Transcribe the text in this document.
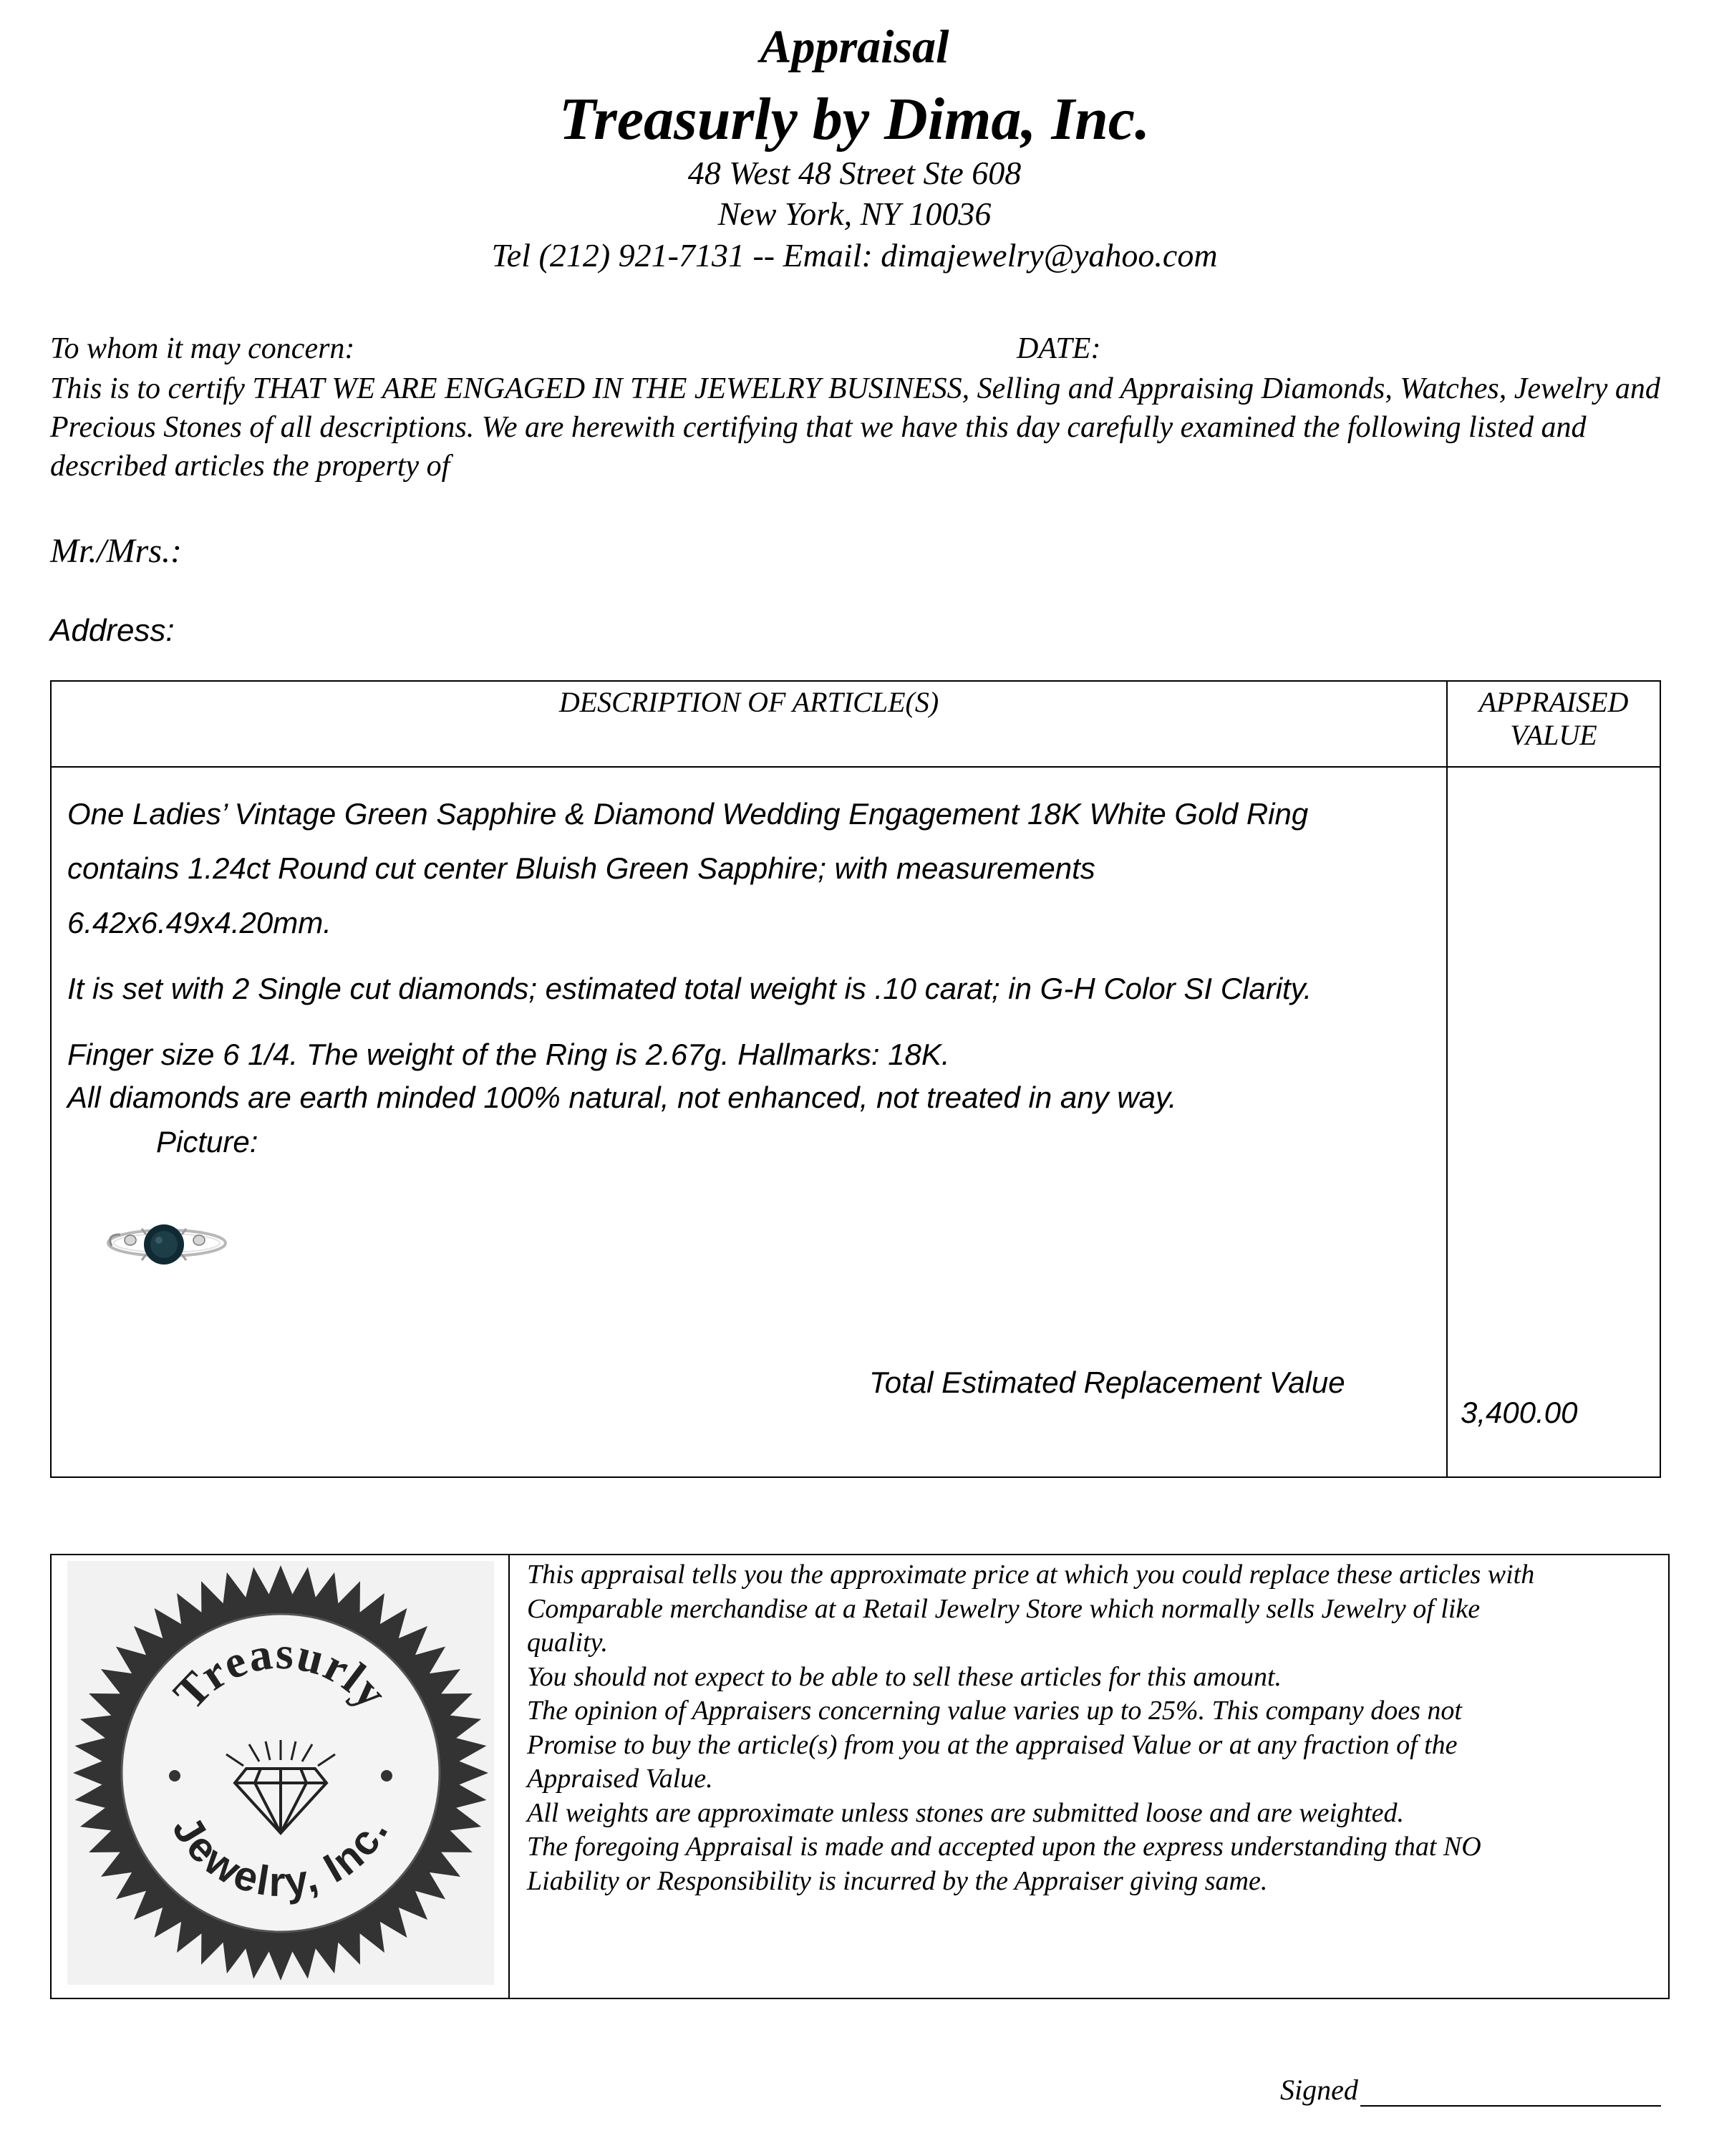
Appraisal
Treasurly by Dima, Inc.
48 West 48 Street Ste 608
New York, NY 10036
Tel (212) 921-7131 -- Email: dimajewelry@yahoo.com
To whom it may concern:	DATE:
This is to certify THAT WE ARE ENGAGED IN THE JEWELRY BUSINESS, Selling and Appraising Diamonds, Watches, Jewelry and Precious Stones of all descriptions. We are herewith certifying that we have this day carefully examined the following listed and described articles the property of
Mr./Mrs.:
Address:
DESCRIPTION OF ARTICLE(S)	APPRAISED
VALUE
One Ladies’ Vintage Green Sapphire & Diamond Wedding Engagement 18K White Gold Ring
contains 1.24ct Round cut center Bluish Green Sapphire; with measurements
6.42x6.49x4.20mm.
It is set with 2 Single cut diamonds; estimated total weight is .10 carat; in G-H Color SI Clarity.
Finger size 6 1/4. The weight of the Ring is 2.67g. Hallmarks: 18K.
All diamonds are earth minded 100% natural, not enhanced, not treated in any way.
Picture:
Total Estimated Replacement Value
3,400.00
Treasurly
Jewelry, Inc.
This appraisal tells you the approximate price at which you could replace these articles with
Comparable merchandise at a Retail Jewelry Store which normally sells Jewelry of like
quality.
You should not expect to be able to sell these articles for this amount.
The opinion of Appraisers concerning value varies up to 25%. This company does not
Promise to buy the article(s) from you at the appraised Value or at any fraction of the
Appraised Value.
All weights are approximate unless stones are submitted loose and are weighted.
The foregoing Appraisal is made and accepted upon the express understanding that NO
Liability or Responsibility is incurred by the Appraiser giving same.
Signed
